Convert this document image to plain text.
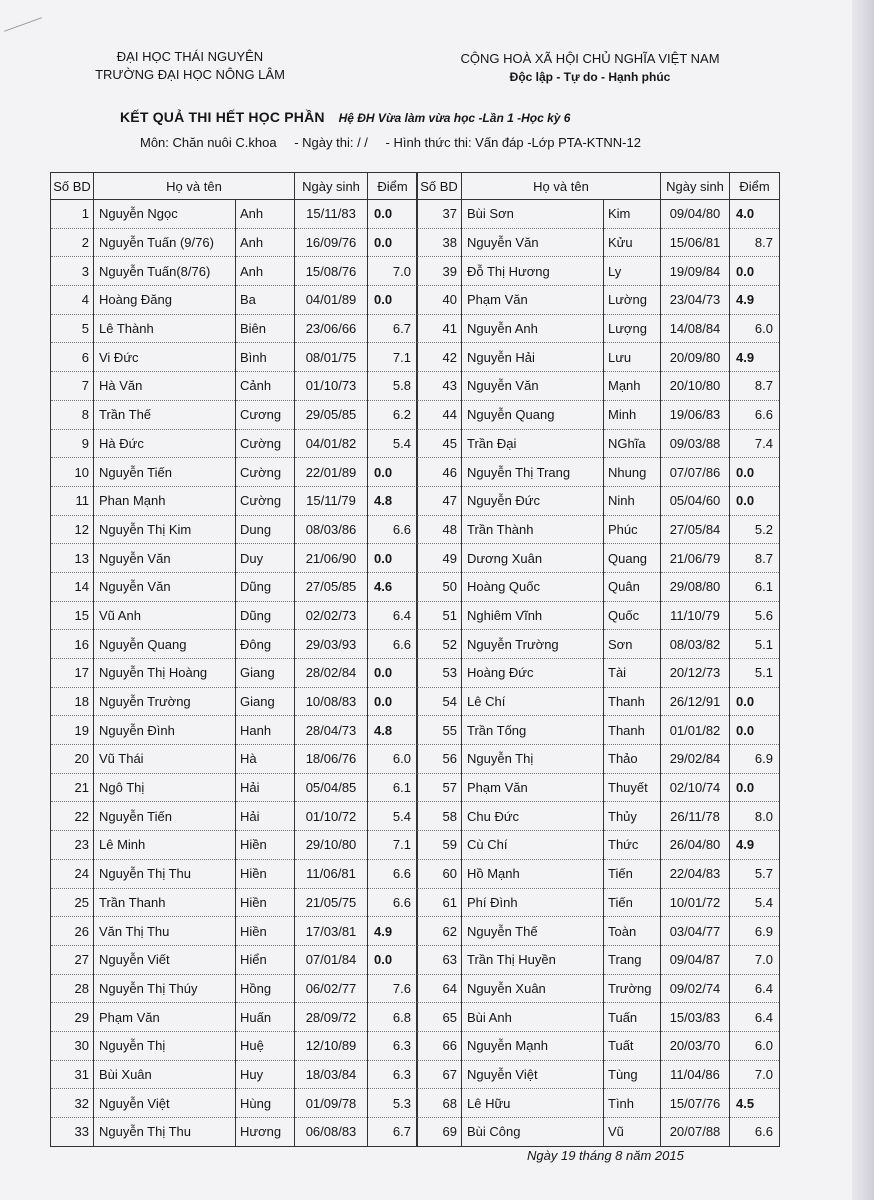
ĐẠI HỌC THÁI NGUYÊN
TRƯỜNG ĐẠI HỌC NÔNG LÂM
CỘNG HOÀ XÃ HỘI CHỦ NGHĨA VIỆT NAM
Độc lập - Tự do - Hạnh phúc
KẾT QUẢ THI HẾT HỌC PHẦN Hệ ĐH Vừa làm vừa học -Lần 1 -Học kỳ 6
Môn: Chăn nuôi C.khoa - Ngày thi: / / - Hình thức thi: Vấn đáp -Lớp PTA-KTNN-12
Số BD	Họ và tên		Ngày sinh	Điểm
1	Nguyễn Ngọc	Anh	15/11/83	0.0
2	Nguyễn Tuấn (9/76)	Anh	16/09/76	0.0
3	Nguyễn Tuấn(8/76)	Anh	15/08/76	7.0
4	Hoàng Đăng	Ba	04/01/89	0.0
5	Lê Thành	Biên	23/06/66	6.7
6	Vi Đức	Bình	08/01/75	7.1
7	Hà Văn	Cảnh	01/10/73	5.8
8	Trần Thế	Cương	29/05/85	6.2
9	Hà Đức	Cường	04/01/82	5.4
10	Nguyễn Tiến	Cường	22/01/89	0.0
11	Phan Mạnh	Cường	15/11/79	4.8
12	Nguyễn Thị Kim	Dung	08/03/86	6.6
13	Nguyễn Văn	Duy	21/06/90	0.0
14	Nguyễn Văn	Dũng	27/05/85	4.6
15	Vũ Anh	Dũng	02/02/73	6.4
16	Nguyễn Quang	Đông	29/03/93	6.6
17	Nguyễn Thị Hoàng	Giang	28/02/84	0.0
18	Nguyễn Trường	Giang	10/08/83	0.0
19	Nguyễn Đình	Hanh	28/04/73	4.8
20	Vũ Thái	Hà	18/06/76	6.0
21	Ngô Thị	Hải	05/04/85	6.1
22	Nguyễn Tiến	Hải	01/10/72	5.4
23	Lê Minh	Hiền	29/10/80	7.1
24	Nguyễn Thị Thu	Hiền	11/06/81	6.6
25	Trần Thanh	Hiền	21/05/75	6.6
26	Văn Thị Thu	Hiền	17/03/81	4.9
27	Nguyễn Viết	Hiển	07/01/84	0.0
28	Nguyễn Thị Thúy	Hồng	06/02/77	7.6
29	Phạm Văn	Huấn	28/09/72	6.8
30	Nguyễn Thị	Huệ	12/10/89	6.3
31	Bùi Xuân	Huy	18/03/84	6.3
32	Nguyễn Việt	Hùng	01/09/78	5.3
33	Nguyễn Thị Thu	Hương	06/08/83	6.7
Số BD	Họ và tên		Ngày sinh	Điểm
37	Bùi Sơn	Kim	09/04/80	4.0
38	Nguyễn Văn	Kửu	15/06/81	8.7
39	Đỗ Thị Hương	Ly	19/09/84	0.0
40	Phạm Văn	Lường	23/04/73	4.9
41	Nguyễn Anh	Lượng	14/08/84	6.0
42	Nguyễn Hải	Lưu	20/09/80	4.9
43	Nguyễn Văn	Mạnh	20/10/80	8.7
44	Nguyễn Quang	Minh	19/06/83	6.6
45	Trần Đại	NGhĩa	09/03/88	7.4
46	Nguyễn Thị Trang	Nhung	07/07/86	0.0
47	Nguyễn Đức	Ninh	05/04/60	0.0
48	Trần Thành	Phúc	27/05/84	5.2
49	Dương Xuân	Quang	21/06/79	8.7
50	Hoàng Quốc	Quân	29/08/80	6.1
51	Nghiêm Vĩnh	Quốc	11/10/79	5.6
52	Nguyễn Trường	Sơn	08/03/82	5.1
53	Hoàng Đức	Tài	20/12/73	5.1
54	Lê Chí	Thanh	26/12/91	0.0
55	Trần Tống	Thanh	01/01/82	0.0
56	Nguyễn Thị	Thảo	29/02/84	6.9
57	Phạm Văn	Thuyết	02/10/74	0.0
58	Chu Đức	Thủy	26/11/78	8.0
59	Cù Chí	Thức	26/04/80	4.9
60	Hồ Mạnh	Tiến	22/04/83	5.7
61	Phí Đình	Tiến	10/01/72	5.4
62	Nguyễn Thế	Toàn	03/04/77	6.9
63	Trần Thị Huyền	Trang	09/04/87	7.0
64	Nguyễn Xuân	Trường	09/02/74	6.4
65	Bùi Anh	Tuấn	15/03/83	6.4
66	Nguyễn Mạnh	Tuất	20/03/70	6.0
67	Nguyễn Việt	Tùng	11/04/86	7.0
68	Lê Hữu	Tình	15/07/76	4.5
69	Bùi Công	Vũ	20/07/88	6.6
Ngày 19 tháng 8 năm 2015
